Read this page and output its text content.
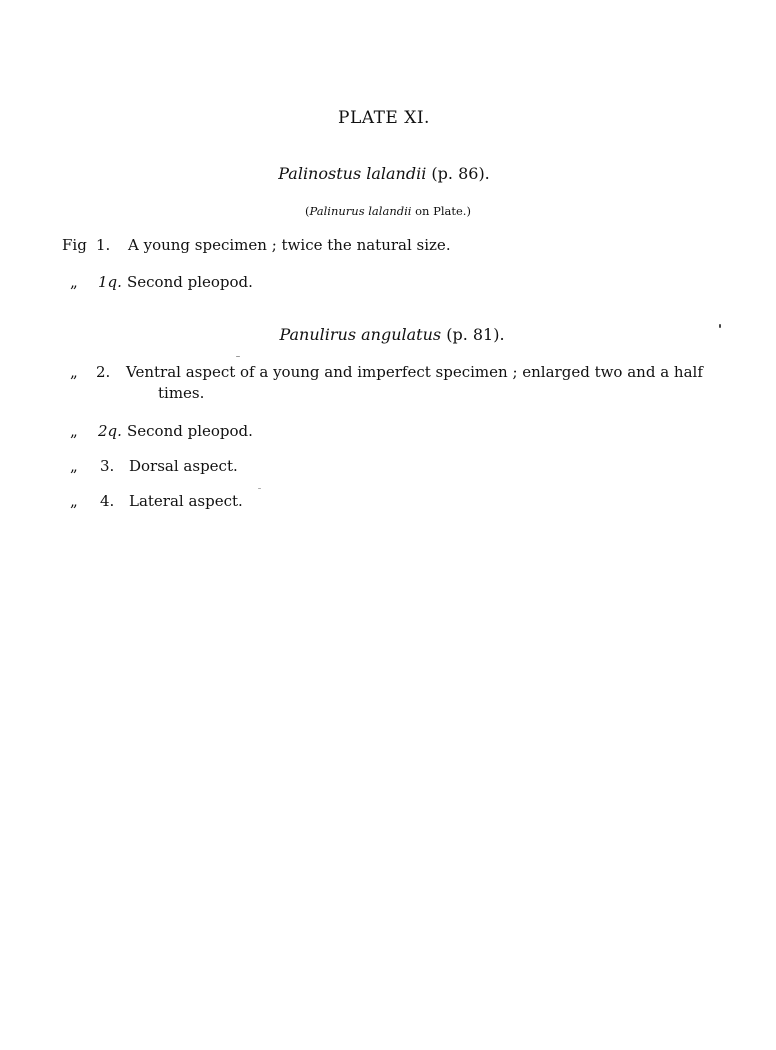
PLATE XI.
Palinostus lalandii (p. 86).
(Palinurus lalandii on Plate.)
Fig 1. A young specimen ; twice the natural size.
„ 1q. Second pleopod.
Panulirus angulatus (p. 81).
„ 2. Ventral aspect of a young and imperfect specimen ; enlarged two and a half
times.
„ 2q. Second pleopod.
„ 3. Dorsal aspect.
„ 4. Lateral aspect.
